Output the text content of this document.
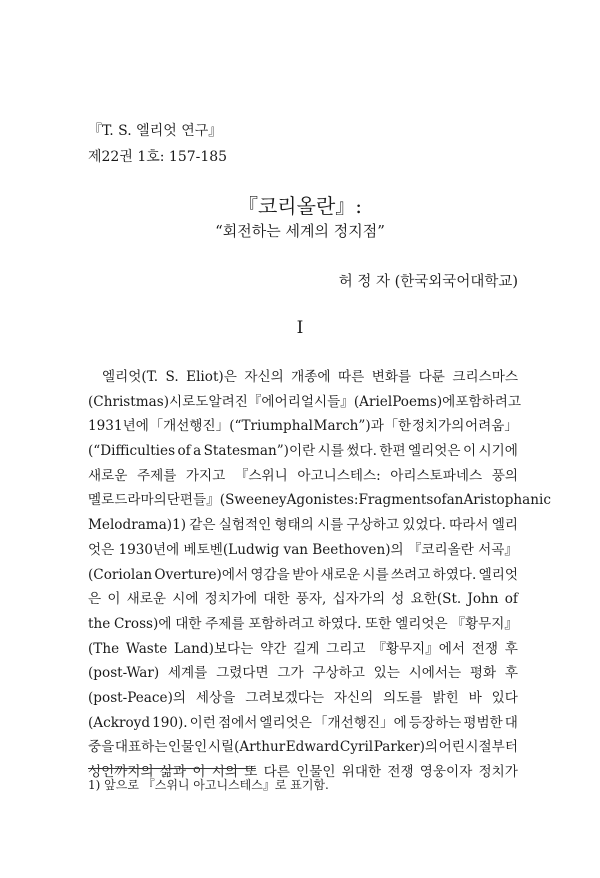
『T. S. 엘리엇 연구』
제22권 1호: 157-185
『코리올란』:
“회전하는 세계의 정지점”
허 정 자 (한국외국어대학교)
I
엘리엇(T. S. Eliot)은 자신의 개종에 따른 변화를 다룬 크리스마스
(Christmas) 시로도 알려진 『에어리얼 시들』(Ariel Poems)에 포함하려고
1931년에 「개선행진」(“Triumphal March”)과 「한 정치가의 어려움」
(“Difficulties of a Statesman”)이란 시를 썼다. 한편 엘리엇은 이 시기에
새로운 주제를 가지고 『스위니 아고니스테스: 아리스토파네스 풍의
멜로드라마의 단편들』(Sweeney Agonistes: Fragments of an Aristophanic
Melodrama)1) 같은 실험적인 형태의 시를 구상하고 있었다. 따라서 엘리
엇은 1930년에 베토벤(Ludwig van Beethoven)의 『코리올란 서곡』
(Coriolan Overture)에서 영감을 받아 새로운 시를 쓰려고 하였다. 엘리엇
은 이 새로운 시에 정치가에 대한 풍자, 십자가의 성 요한(St. John of
the Cross)에 대한 주제를 포함하려고 하였다. 또한 엘리엇은 『황무지』
(The Waste Land)보다는 약간 길게 그리고 『황무지』에서 전쟁 후
(post-War) 세계를 그렸다면 그가 구상하고 있는 시에서는 평화 후
(post-Peace)의 세상을 그려보겠다는 자신의 의도를 밝힌 바 있다
(Ackroyd 190). 이런 점에서 엘리엇은 「개선행진」에 등장하는 평범한 대
중을 대표하는 인물인 시릴(Arthur Edward Cyril Parker)의 어린 시절부터
성인까지의 삶과 이 시의 또 다른 인물인 위대한 전쟁 영웅이자 정치가
1) 앞으로 『스위니 아고니스테스』로 표기함.
